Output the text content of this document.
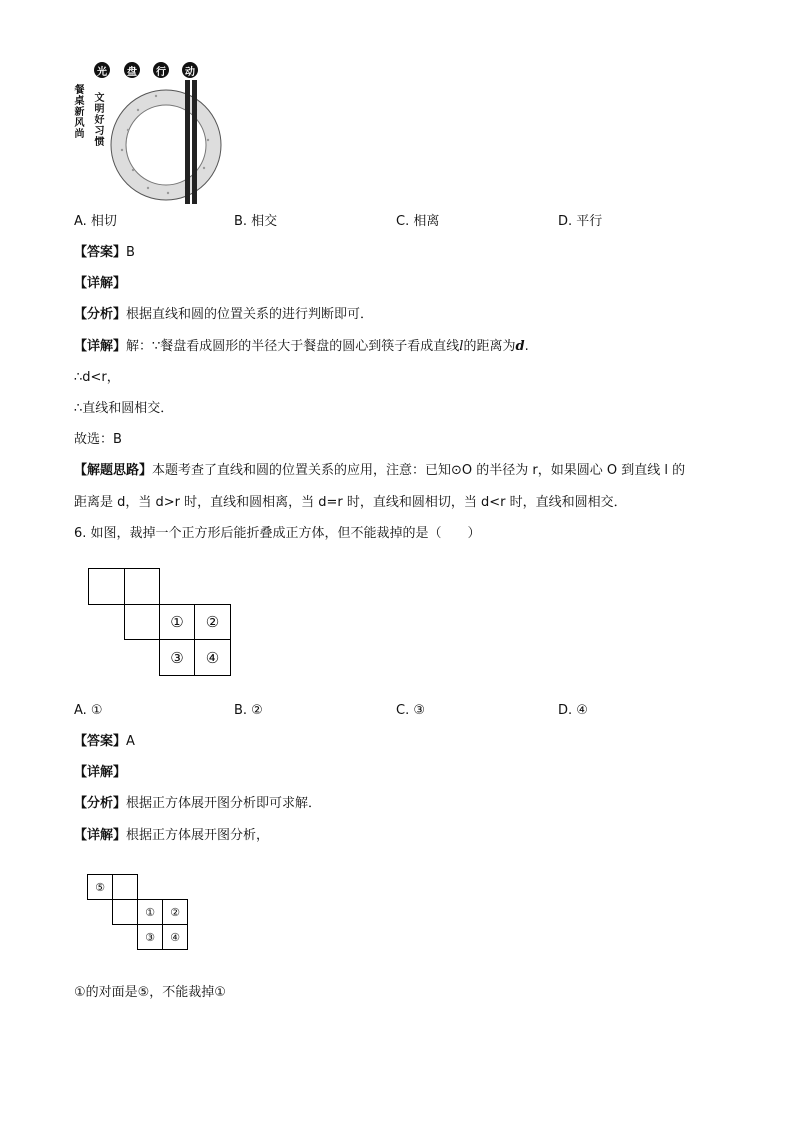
光	盘	行	动
餐桌新风尚 文明好习惯
A. 相切	B. 相交	C. 相离	D. 平行
【答案】B
【详解】
【分析】根据直线和圆的位置关系的进行判断即可．
【详解】解：∵餐盘看成圆形的半径大于餐盘的圆心到筷子看成直线l的距离为d.
∴d<r，
∴直线和圆相交．
故选：B
【解题思路】本题考查了直线和圆的位置关系的应用，注意：已知⊙O 的半径为 r，如果圆心 O 到直线 l 的
距离是 d，当 d>r 时，直线和圆相离，当 d=r 时，直线和圆相切，当 d<r 时，直线和圆相交．
6. 如图，裁掉一个正方形后能折叠成正方体，但不能裁掉的是（　　）
①	②
③	④
A. ①	B. ②	C. ③	D. ④
【答案】A
【详解】
【分析】根据正方体展开图分析即可求解．
【详解】根据正方体展开图分析，
⑤
①	②
③	④
①的对面是⑤，不能裁掉①
